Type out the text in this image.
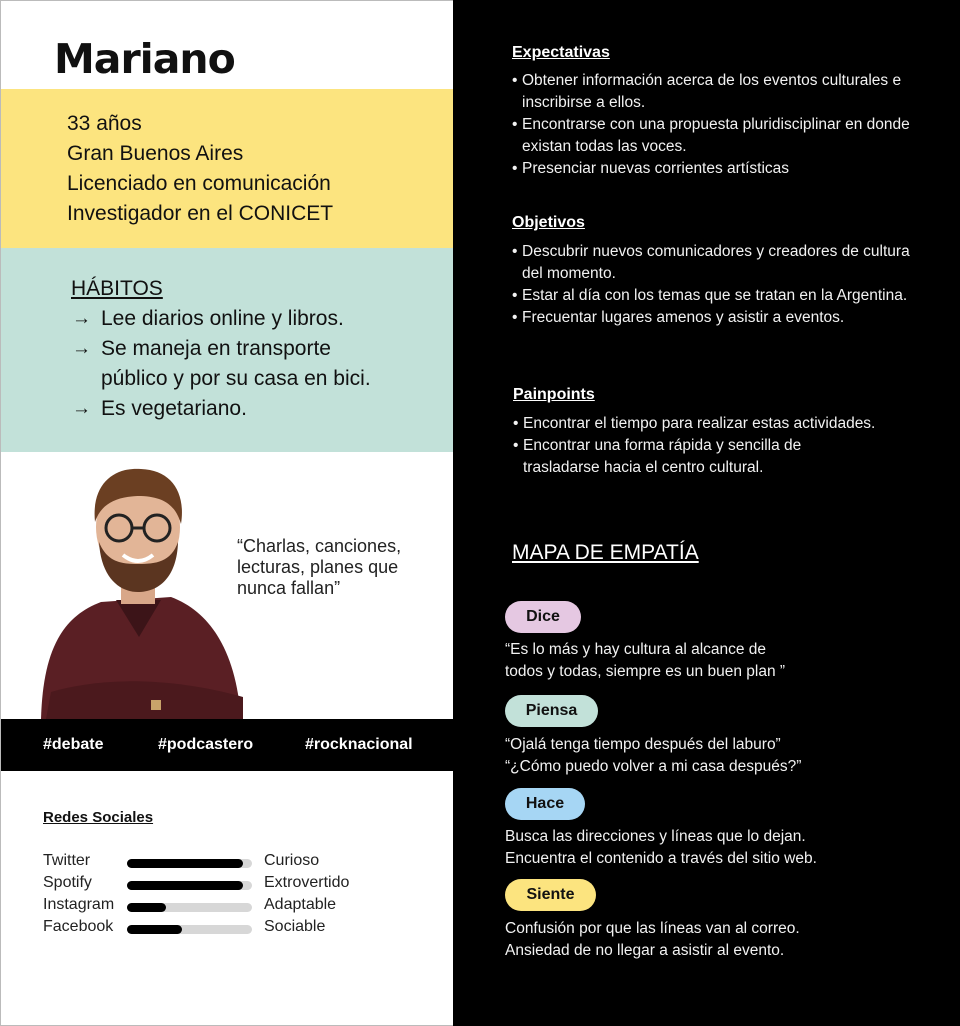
Mariano
33 años
Gran Buenos Aires
Licenciado en comunicación
Investigador en el CONICET
HÁBITOS
→ Lee diarios online y libros.
→ Se maneja en transporte público y por su casa en bici.
→ Es vegetariano.
“Charlas, canciones, lecturas, planes que nunca fallan”
#debate	#podcastero	#rocknacional
Redes Sociales
Twitter	Curioso
Spotify	Extrovertido
Instagram	Adaptable
Facebook	Sociable
Expectativas
• Obtener información acerca de los eventos culturales e inscribirse a ellos.
• Encontrarse con una propuesta pluridisciplinar en donde existan todas las voces.
• Presenciar nuevas corrientes artísticas
Objetivos
• Descubrir nuevos comunicadores y creadores de cultura del momento.
• Estar al día con los temas que se tratan en la Argentina.
• Frecuentar lugares amenos y asistir a eventos.
Painpoints
• Encontrar el tiempo para realizar estas actividades.
• Encontrar una forma rápida y sencilla de trasladarse hacia el centro cultural.
MAPA DE EMPATÍA
Dice
“Es lo más y hay cultura al alcance de
todos y todas, siempre es un buen plan ”
Piensa
“Ojalá tenga tiempo después del laburo”
“¿Cómo puedo volver a mi casa después?”
Hace
Busca las direcciones y líneas que lo dejan.
Encuentra el contenido a través del sitio web.
Siente
Confusión por que las líneas van al correo.
Ansiedad de no llegar a asistir al evento.
